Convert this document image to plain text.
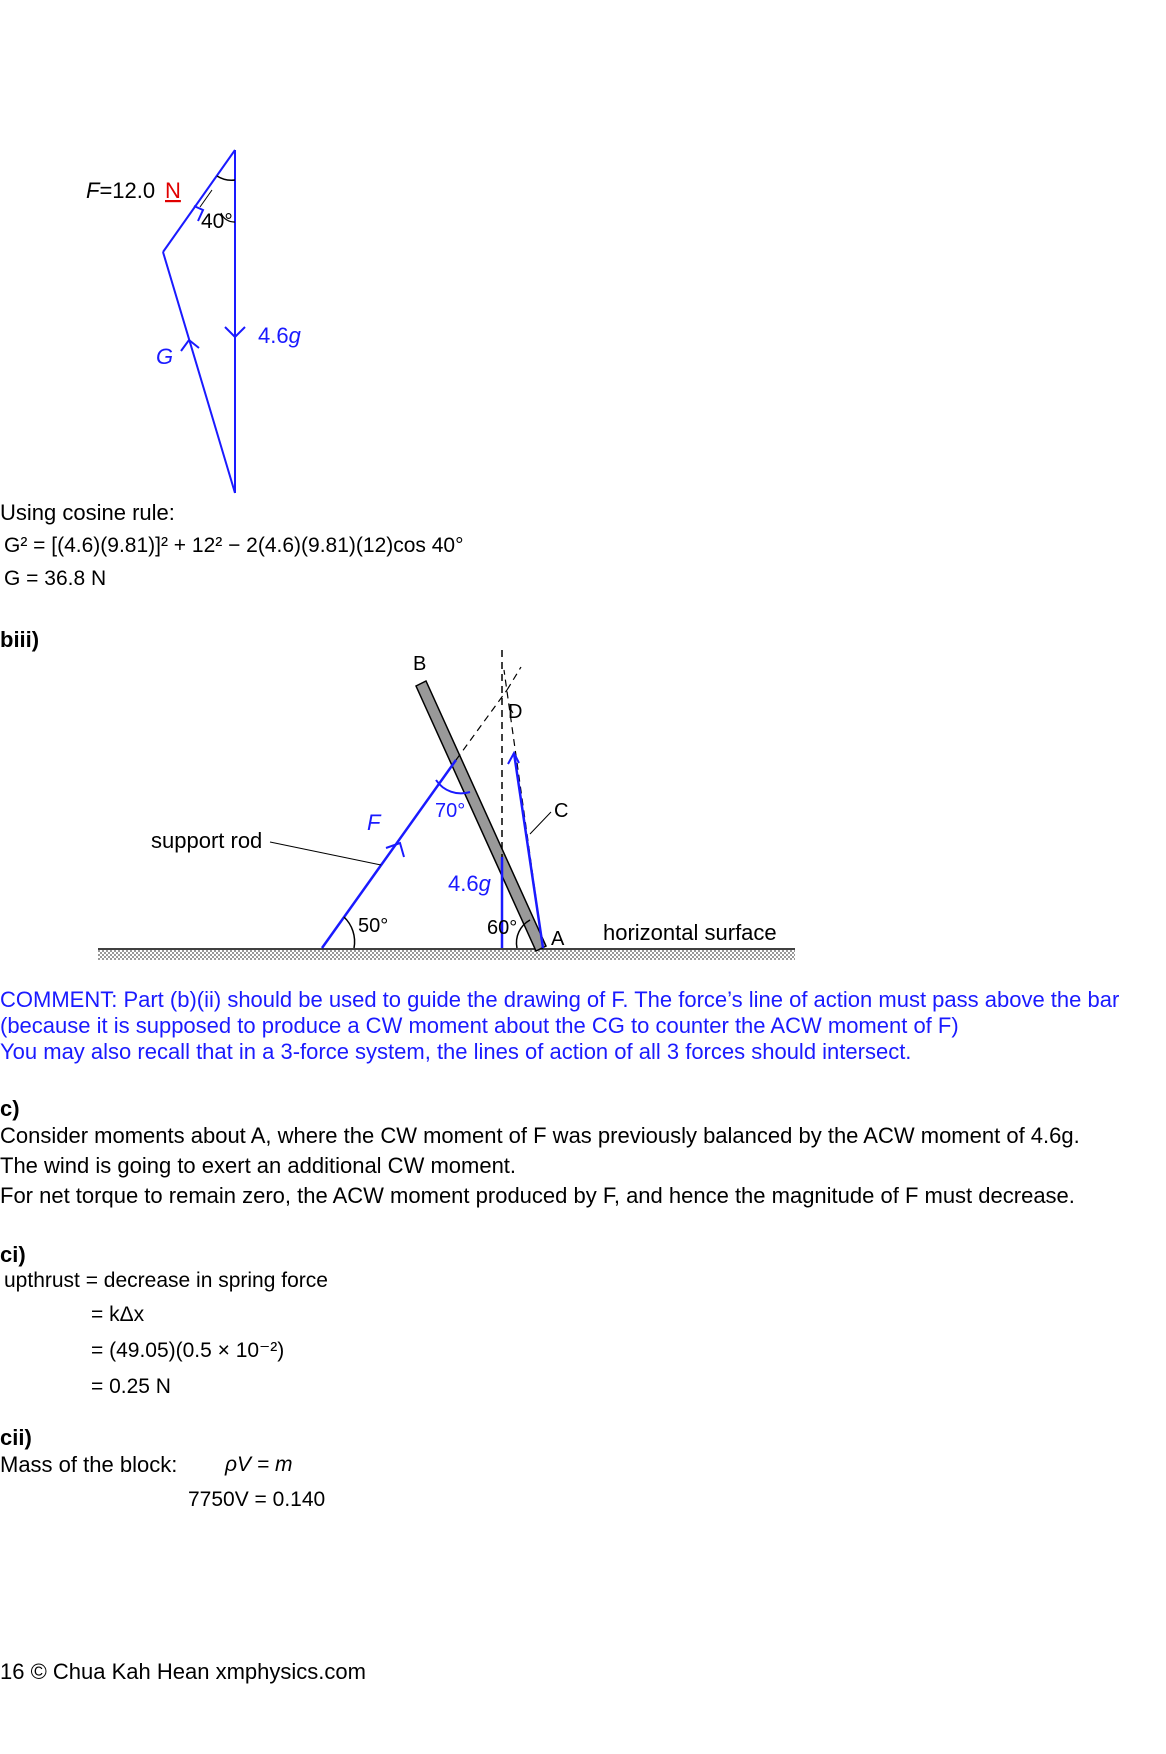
F=12.0 N
40°
4.6g
G
Using cosine rule:
G² = [(4.6)(9.81)]² + 12² − 2(4.6)(9.81)(12)cos 40°
G = 36.8 N
biii)
B
D
C
A
support rod
F	70°
50°	60°
4.6g
horizontal surface
COMMENT: Part (b)(ii) should be used to guide the drawing of F. The force’s line of action must pass above the bar
(because it is supposed to produce a CW moment about the CG to counter the ACW moment of F)
You may also recall that in a 3-force system, the lines of action of all 3 forces should intersect.
c)
Consider moments about A, where the CW moment of F was previously balanced by the ACW moment of 4.6g.
The wind is going to exert an additional CW moment.
For net torque to remain zero, the ACW moment produced by F, and hence the magnitude of F must decrease.
ci)
upthrust = decrease in spring force
= kΔx
= (49.05)(0.5 × 10⁻²)
= 0.25 N
cii)
Mass of the block: ρV = m
7750V = 0.140
16 © Chua Kah Hean xmphysics.com
